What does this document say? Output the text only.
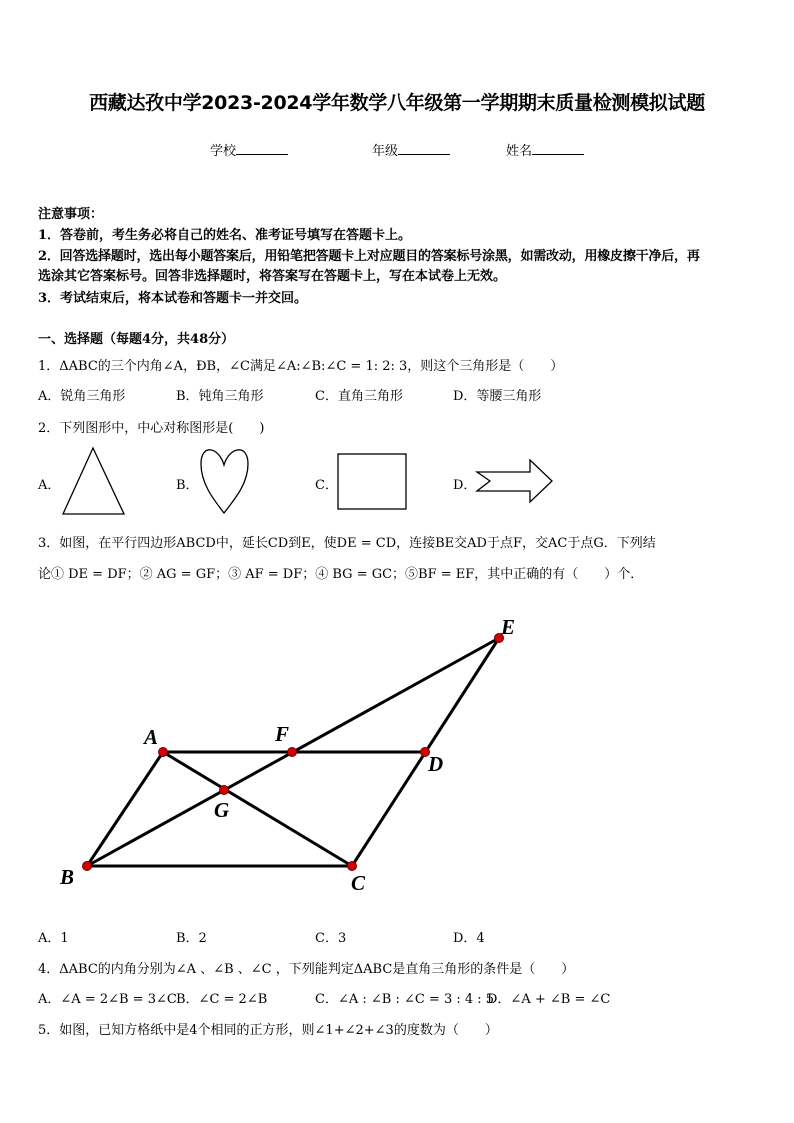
西藏达孜中学2023-2024学年数学八年级第一学期期末质量检测模拟试题
学校	年级	姓名
注意事项：
1．答卷前，考生务必将自己的姓名、准考证号填写在答题卡上。
2．回答选择题时，选出每小题答案后，用铅笔把答题卡上对应题目的答案标号涂黑，如需改动，用橡皮擦干净后，再
选涂其它答案标号。回答非选择题时，将答案写在答题卡上，写在本试卷上无效。
3．考试结束后，将本试卷和答题卡一并交回。
一、选择题（每题4分，共48分）
1．ΔABC的三个内角∠A，ÐB，∠C满足∠A:∠B:∠C = 1: 2: 3，则这个三角形是（　　）
A．锐角三角形	B．钝角三角形	C．直角三角形	D．等腰三角形
2．下列图形中，中心对称图形是(　　)
A．	B．	C．	D．
3．如图，在平行四边形ABCD中，延长CD到E，使DE = CD，连接BE交AD于点F，交AC于点G．下列结
论① DE = DF；② AG = GF；③ AF = DF；④ BG = GC；⑤BF = EF，其中正确的有（　　）个．
A
B	C
D
E
F
G
A．1	B．2	C．3	D．4
4．ΔABC的内角分别为∠A 、∠B 、∠C ，下列能判定ΔABC是直角三角形的条件是（　　）
A．∠A = 2∠B = 3∠C B．∠C = 2∠B	C．∠A : ∠B : ∠C = 3 : 4 : 5
D．∠A + ∠B = ∠C
5．如图，已知方格纸中是4个相同的正方形，则∠1+∠2+∠3的度数为（　　）
